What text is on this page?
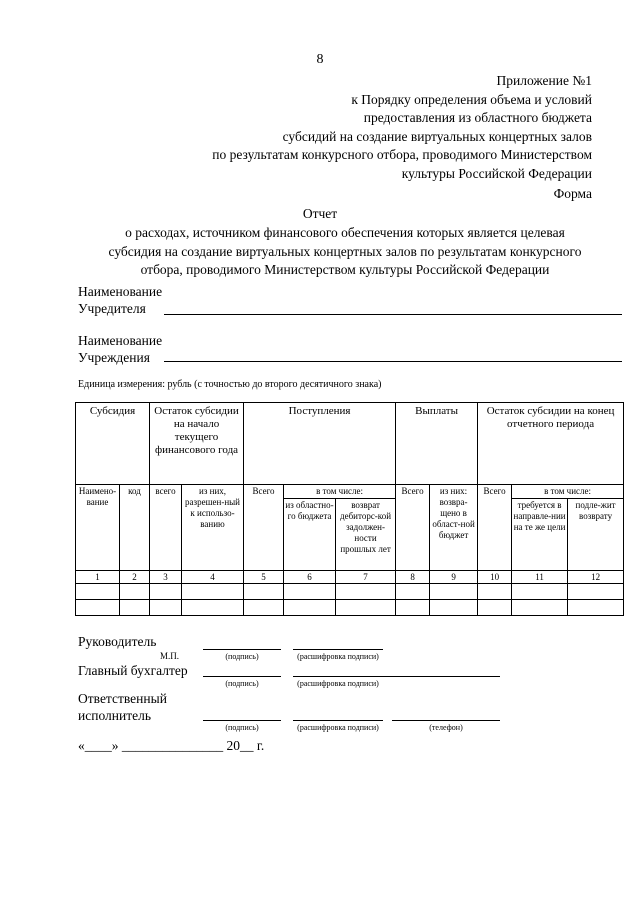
8
Приложение №1
к Порядку определения объема и условий
предоставления из областного бюджета
субсидий на создание виртуальных концертных залов
по результатам конкурсного отбора, проводимого Министерством
культуры Российской Федерации
Форма
Отчет
о расходах, источником финансового обеспечения которых является целевая
субсидия на создание виртуальных концертных залов по результатам конкурсного
отбора, проводимого Министерством культуры Российской Федерации
Наименование
Учредителя
Наименование
Учреждения
Единица измерения: рубль (с точностью до второго десятичного знака)
Субсидия		Остаток субсидии на начало текущего финансового года		Поступления			Выплаты		Остаток субсидии на конец отчетного периода		
Наимено-вание	код	всего	из них, разрешен-ный к использо-ванию	Всего	в том числе:		Всего	из них: возвра-щено в област-ной бюджет	Всего	в том числе:	
					из областно-го бюджета	возврат дебиторс-кой задолжен-ности прошлых лет				требуется в направле-нии на те же цели	подле-жит возврату
1	2	3	4	5	6	7	8	9	10	11	12

Руководитель
М.П.	(подпись)	(расшифровка подписи)
Главный бухгалтер
(подпись)	(расшифровка подписи)
Ответственный
исполнитель
(подпись)	(расшифровка подписи)	(телефон)
«____» _______________ 20__ г.
